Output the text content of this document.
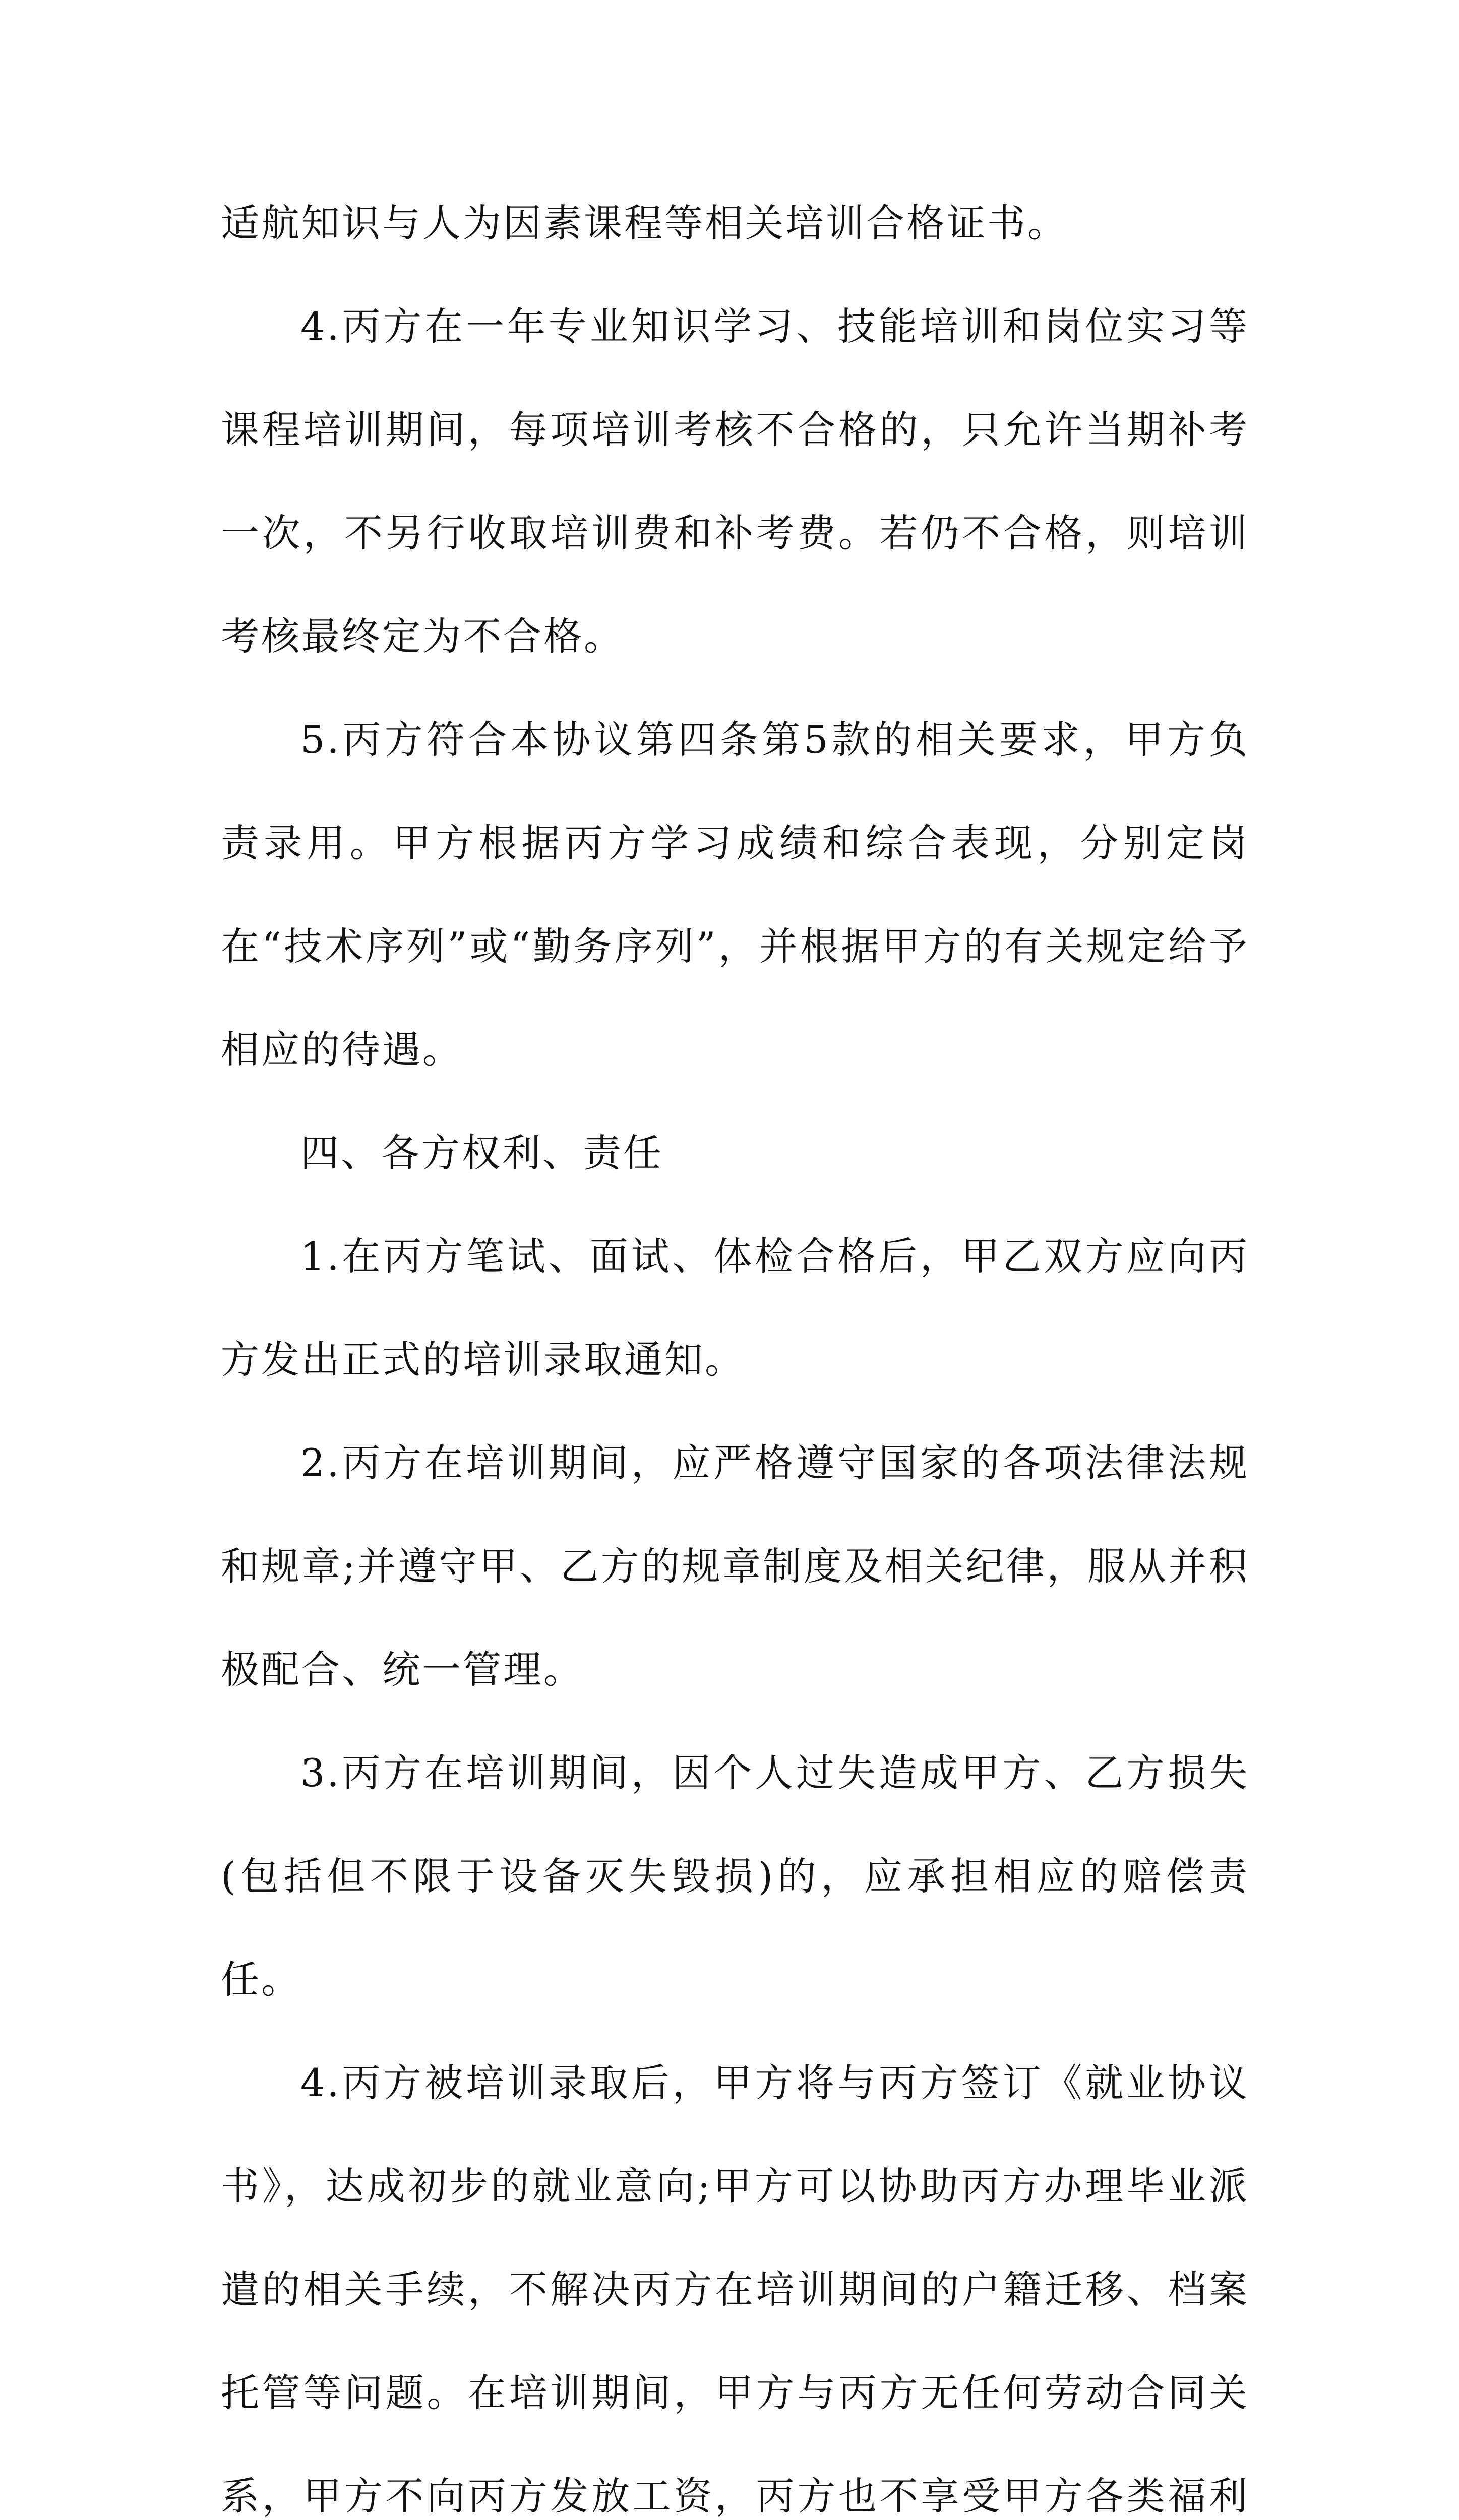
适航知识与人为因素课程等相关培训合格证书。

4.丙方在一年专业知识学习、技能培训和岗位实习等课程培训期间，每项培训考核不合格的，只允许当期补考一次，不另行收取培训费和补考费。若仍不合格，则培训考核最终定为不合格。

5.丙方符合本协议第四条第5款的相关要求，甲方负责录用。甲方根据丙方学习成绩和综合表现，分别定岗在“技术序列”或“勤务序列”，并根据甲方的有关规定给予相应的待遇。

四、各方权利、责任

1.在丙方笔试、面试、体检合格后，甲乙双方应向丙方发出正式的培训录取通知。

2.丙方在培训期间，应严格遵守国家的各项法律法规和规章;并遵守甲、乙方的规章制度及相关纪律，服从并积极配合、统一管理。

3.丙方在培训期间，因个人过失造成甲方、乙方损失(包括但不限于设备灭失毁损)的，应承担相应的赔偿责任。

4.丙方被培训录取后，甲方将与丙方签订《就业协议书》，达成初步的就业意向;甲方可以协助丙方办理毕业派遣的相关手续，不解决丙方在培训期间的户籍迁移、档案托管等问题。在培训期间，甲方与丙方无任何劳动合同关系，甲方不向丙方发放工资，丙方也不享受甲方各类福利
